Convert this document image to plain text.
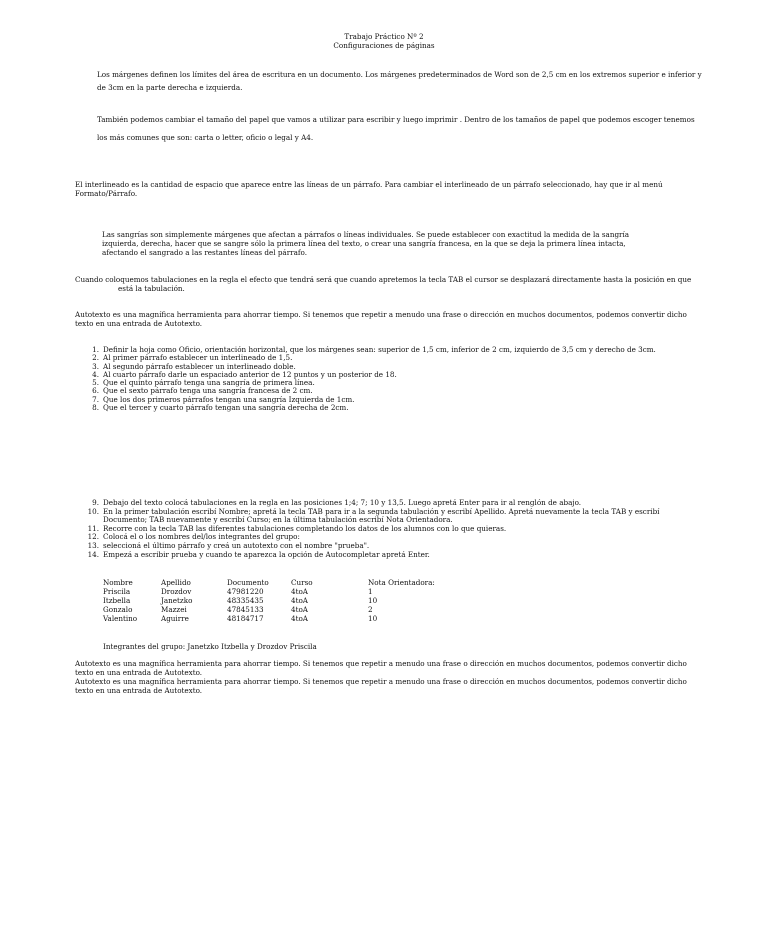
Trabajo Práctico Nº 2
Configuraciones de páginas

Los márgenes definen los límites del área de escritura en un documento. Los márgenes predeterminados de Word son de 2,5 cm en los extremos superior e inferior y de 3cm en la parte derecha e izquierda.

También podemos cambiar el tamaño del papel que vamos a utilizar para escribir y luego imprimir . Dentro de los tamaños de papel que podemos escoger tenemos los más comunes que son: carta o letter, oficio o legal y A4.

El interlineado es la cantidad de espacio que aparece entre las líneas de un párrafo. Para cambiar el interlineado de un párrafo seleccionado, hay que ir al menú Formato/Párrafo.

Las sangrías son simplemente márgenes que afectan a párrafos o líneas individuales. Se puede establecer con exactitud la medida de la sangría izquierda, derecha, hacer que se sangre sólo la primera línea del texto, o crear una sangría francesa, en la que se deja la primera línea intacta, afectando el sangrado a las restantes líneas del párrafo.

Cuando coloquemos tabulaciones en la regla el efecto que tendrá será que cuando apretemos la tecla TAB el cursor se desplazará directamente hasta la posición en que
está la tabulación.

Autotexto es una magnífica herramienta para ahorrar tiempo. Si tenemos que repetir a menudo una frase o dirección en muchos documentos, podemos convertir dicho texto en una entrada de Autotexto.

1. Definir la hoja como Oficio, orientación horizontal, que los márgenes sean: superior de 1,5 cm, inferior de 2 cm, izquierdo de 3,5 cm y derecho de 3cm.
2. Al primer párrafo establecer un interlineado de 1,5.
3. Al segundo párrafo establecer un interlineado doble.
4. Al cuarto párrafo darle un espaciado anterior de 12 puntos y un posterior de 18.
5. Que el quinto párrafo tenga una sangría de primera línea.
6. Que el sexto párrafo tenga una sangría francesa de 2 cm.
7. Que los dos primeros párrafos tengan una sangría Izquierda de 1cm.
8. Que el tercer y cuarto párrafo tengan una sangría derecha de 2cm.
9. Debajo del texto colocá tabulaciones en la regla en las posiciones 1;4; 7; 10 y 13,5. Luego apretá Enter para ir al renglón de abajo.
10. En la primer tabulación escribí Nombre; apretá la tecla TAB para ir a la segunda tabulación y escribí Apellido. Apretá nuevamente la tecla TAB y escribí Documento; TAB nuevamente y escribí Curso; en la última tabulación escribí Nota Orientadora.
11. Recorre con la tecla TAB las diferentes tabulaciones completando los datos de los alumnos con lo que quieras.
12. Colocá el o los nombres del/los integrantes del grupo:
13. seleccioná el último párrafo y creá un autotexto con el nombre "prueba".
14. Empezá a escribir prueba y cuando te aparezca la opción de Autocompletar apretá Enter.
Nombre	Apellido	Documento	Curso	Nota Orientadora:
Priscila	Drozdov	47981220	4toA	1
Itzbella	Janetzko	48335435	4toA	10
Gonzalo	Mazzei	47845133	4toA	2
Valentino	Aguirre	48184717	4toA	10

Integrantes del grupo: Janetzko Itzbella y Drozdov Priscila

Autotexto es una magnífica herramienta para ahorrar tiempo. Si tenemos que repetir a menudo una frase o dirección en muchos documentos, podemos convertir dicho texto en una entrada de Autotexto.

Autotexto es una magnífica herramienta para ahorrar tiempo. Si tenemos que repetir a menudo una frase o dirección en muchos documentos, podemos convertir dicho texto en una entrada de Autotexto.
